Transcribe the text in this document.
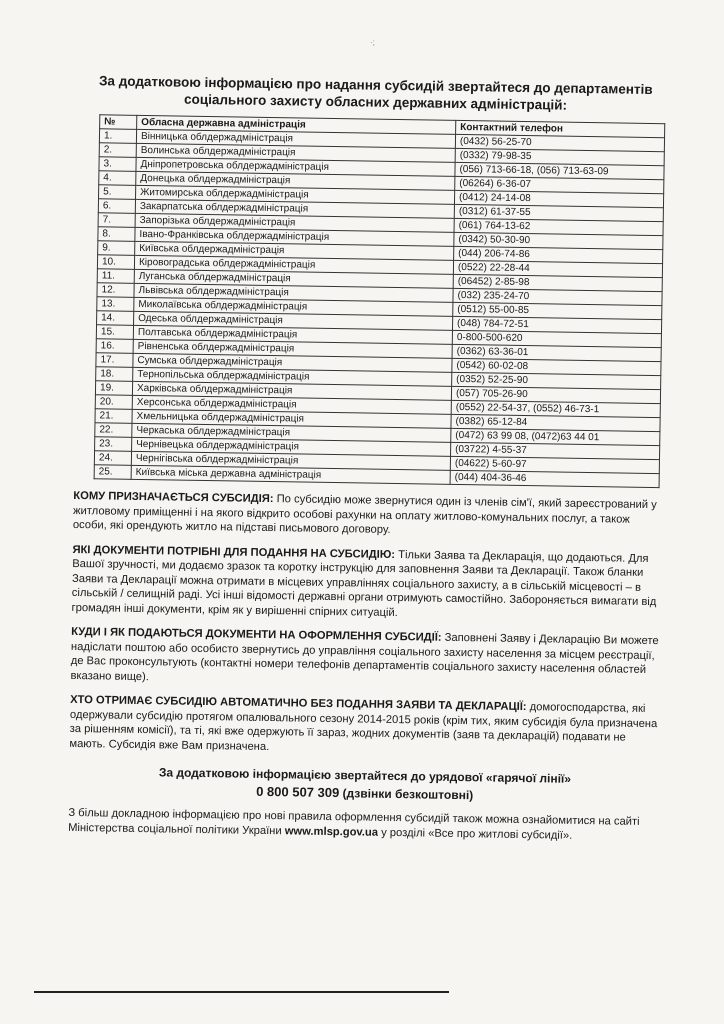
·;
За додатковою інформацією про надання субсидій звертайтеся до департаментів
соціального захисту обласних державних адміністрацій:
№	Обласна державна адміністрація	Контактний телефон
1.	Вінницька облдержадміністрація	(0432) 56-25-70
2.	Волинська облдержадміністрація	(0332) 79-98-35
3.	Дніпропетровська облдержадміністрація	(056) 713-66-18, (056) 713-63-09
4.	Донецька облдержадміністрація	(06264) 6-36-07
5.	Житомирська облдержадміністрація	(0412) 24-14-08
6.	Закарпатська облдержадміністрація	(0312) 61-37-55
7.	Запорізька облдержадміністрація	(061) 764-13-62
8.	Івано-Франківська облдержадміністрація	(0342) 50-30-90
9.	Київська облдержадміністрація	(044) 206-74-86
10.	Кіровоградська облдержадміністрація	(0522) 22-28-44
11.	Луганська облдержадміністрація	(06452) 2-85-98
12.	Львівська облдержадміністрація	(032) 235-24-70
13.	Миколаївська облдержадміністрація	(0512) 55-00-85
14.	Одеська облдержадміністрація	(048) 784-72-51
15.	Полтавська облдержадміністрація	0-800-500-620
16.	Рівненська облдержадміністрація	(0362) 63-36-01
17.	Сумська облдержадміністрація	(0542) 60-02-08
18.	Тернопільська облдержадміністрація	(0352) 52-25-90
19.	Харківська облдержадміністрація	(057) 705-26-90
20.	Херсонська облдержадміністрація	(0552) 22-54-37, (0552) 46-73-1
21.	Хмельницька облдержадміністрація	(0382) 65-12-84
22.	Черкаська облдержадміністрація	(0472) 63 99 08, (0472)63 44 01
23.	Чернівецька облдержадміністрація	(03722) 4-55-37
24.	Чернігівська облдержадміністрація	(04622) 5-60-97
25.	Київська міська державна адміністрація	(044) 404-36-46
КОМУ ПРИЗНАЧАЄТЬСЯ СУБСИДІЯ: По субсидію може звернутися один із членів сім'ї, який зареєстрований у житловому приміщенні і на якого відкрито особові рахунки на оплату житлово-комунальних послуг, а також особи, які орендують житло на підставі письмового договору.
ЯКІ ДОКУМЕНТИ ПОТРІБНІ ДЛЯ ПОДАННЯ НА СУБСИДІЮ: Тільки Заява та Декларація, що додаються. Для Вашої зручності, ми додаємо зразок та коротку інструкцію для заповнення Заяви та Декларації. Також бланки Заяви та Декларації можна отримати в місцевих управліннях соціального захисту, а в сільській місцевості – в сільській / селищній раді. Усі інші відомості державні органи отримують самостійно. Забороняється вимагати від громадян інші документи, крім як у вирішенні спірних ситуацій.
КУДИ І ЯК ПОДАЮТЬСЯ ДОКУМЕНТИ НА ОФОРМЛЕННЯ СУБСИДІЇ: Заповнені Заяву і Декларацію Ви можете надіслати поштою або особисто звернутись до управління соціального захисту населення за місцем реєстрації, де Вас проконсультують (контактні номери телефонів департаментів соціального захисту населення областей вказано вище).
ХТО ОТРИМАЄ СУБСИДІЮ АВТОМАТИЧНО БЕЗ ПОДАННЯ ЗАЯВИ ТА ДЕКЛАРАЦІЇ: домогосподарства, які одержували субсидію протягом опалювального сезону 2014-2015 років (крім тих, яким субсидія була призначена за рішенням комісії), та ті, які вже одержують її зараз, жодних документів (заяв та декларацій) подавати не мають. Субсидія вже Вам призначена.
За додатковою інформацією звертайтеся до урядової «гарячої лінії»
0 800 507 309 (дзвінки безкоштовні)
З більш докладною інформацією про нові правила оформлення субсидій також можна ознайомитися на сайті Міністерства соціальної політики України www.mlsp.gov.ua у розділі «Все про житлові субсидії».
